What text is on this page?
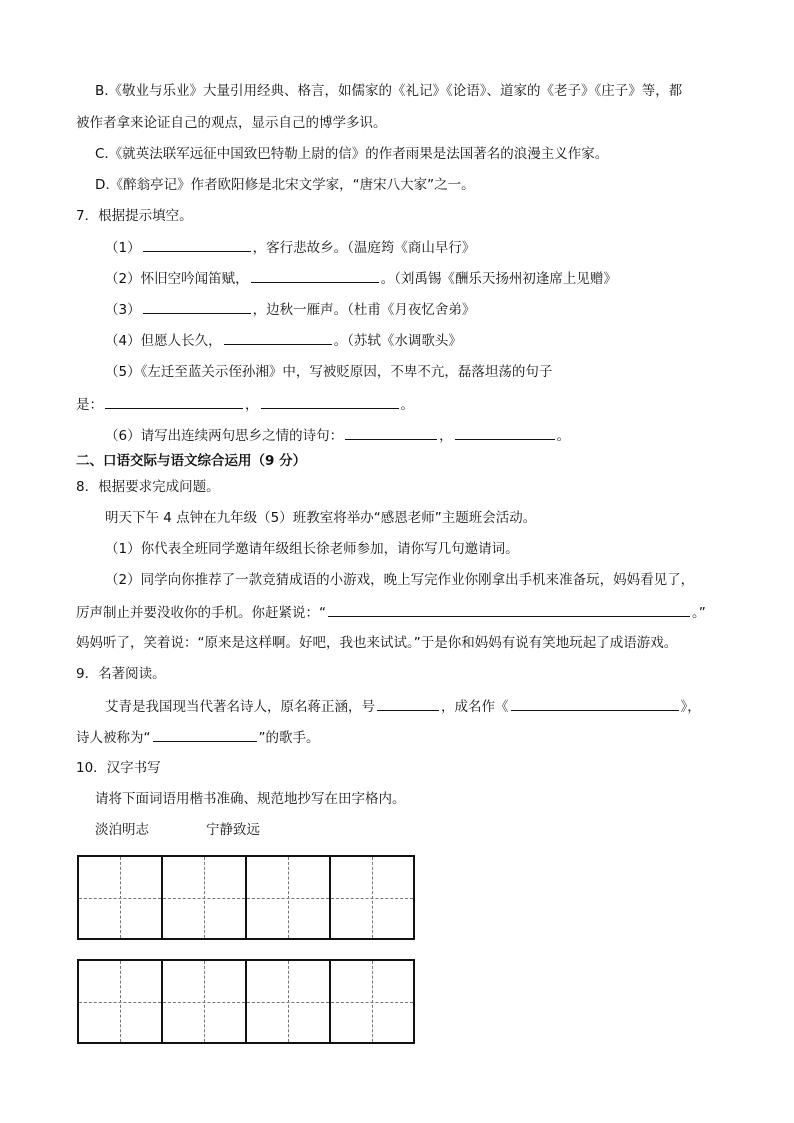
B.《敬业与乐业》大量引用经典、格言，如儒家的《礼记》《论语》、道家的《老子》《庄子》等，都
被作者拿来论证自己的观点，显示自己的博学多识。
C.《就英法联军远征中国致巴特勒上尉的信》的作者雨果是法国著名的浪漫主义作家。
D.《醉翁亭记》作者欧阳修是北宋文学家，“唐宋八大家”之一。
7．根据提示填空。
（1）	，客行悲故乡。（温庭筠《商山早行》
（2）怀旧空吟闻笛赋，	。（刘禹锡《酬乐天扬州初逢席上见赠》
（3）	，边秋一雁声。（杜甫《月夜忆舍弟》
（4）但愿人长久，	。（苏轼《水调歌头》
（5）《左迁至蓝关示侄孙湘》中，写被贬原因，不卑不亢，磊落坦荡的句子
是：	，	。
（6）请写出连续两句思乡之情的诗句：	，	。
二、口语交际与语文综合运用（9 分）
8．根据要求完成问题。
明天下午 4 点钟在九年级（5）班教室将举办“感恩老师”主题班会活动。
（1）你代表全班同学邀请年级组长徐老师参加，请你写几句邀请词。
（2）同学向你推荐了一款竞猜成语的小游戏，晚上写完作业你刚拿出手机来准备玩，妈妈看见了，
厉声制止并要没收你的手机。你赶紧说：“	。”
妈妈听了，笑着说：“原来是这样啊。好吧，我也来试试。”于是你和妈妈有说有笑地玩起了成语游戏。
9．名著阅读。
艾青是我国现当代著名诗人，原名蒋正涵，号	，成名作《	》，
诗人被称为“	”的歌手。
10．汉字书写
请将下面词语用楷书准确、规范地抄写在田字格内。
淡泊明志	宁静致远
